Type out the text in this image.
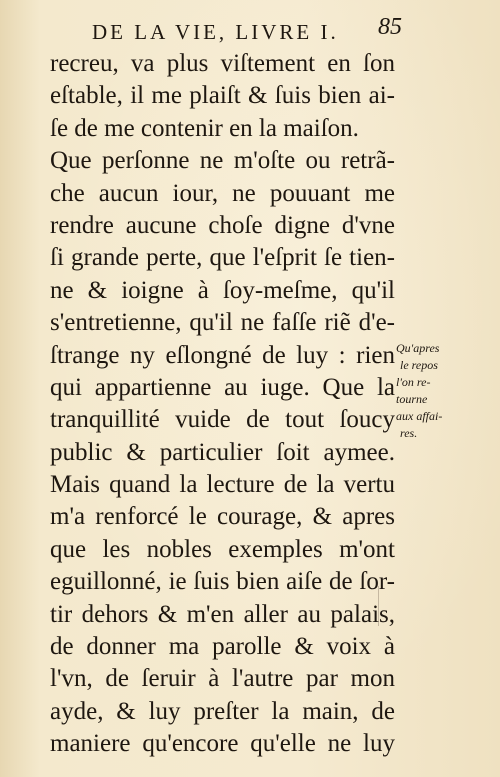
DE LA VIE, LIVRE I. 85
recreu, va plus viſtement en ſon
eſtable, il me plaiſt & ſuis bien ai-
ſe de me contenir en la maiſon.
Que perſonne ne m'oſte ou retrã-
che aucun iour, ne pouuant me
rendre aucune choſe digne d'vne
ſi grande perte, que l'eſprit ſe tien-
ne & ioigne à ſoy-meſme, qu'il
s'entretienne, qu'il ne faſſe riẽ d'e-
ſtrange ny eſlongné de luy : rien
qui appartienne au iuge. Que la
tranquillité vuide de tout ſoucy
public & particulier ſoit aymee.
Mais quand la lecture de la vertu
m'a renforcé le courage, & apres
que les nobles exemples m'ont
eguillonné, ie ſuis bien aiſe de ſor-
tir dehors & m'en aller au palais,
de donner ma parolle & voix à
l'vn, de ſeruir à l'autre par mon
ayde, & luy preſter la main, de
maniere qu'encore qu'elle ne luy
Qu'apres
le repos
l'on re-
tourne
aux affai-
res.
